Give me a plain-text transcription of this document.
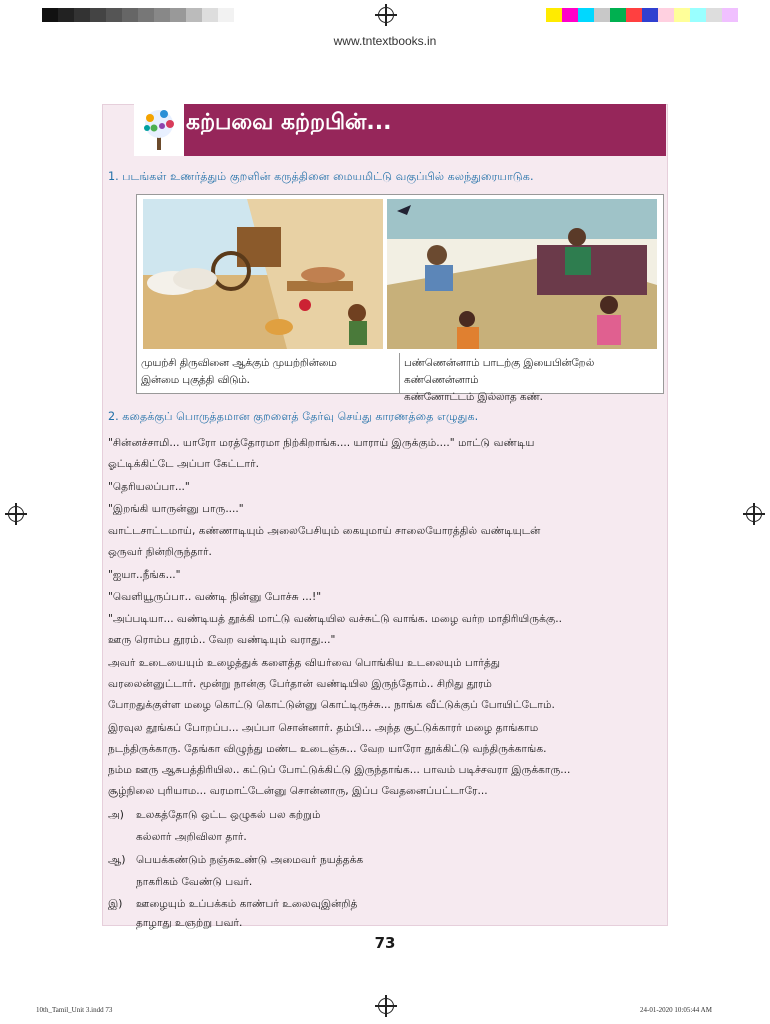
www.tntextbooks.in
கற்பவை கற்றபின்...
1. படங்கள் உணர்த்தும் குறளின் கருத்தினை மையமிட்டு வகுப்பில் கலந்துரையாடுக.
முயற்சி திருவினை ஆக்கும் முயற்றின்மை
இன்மை புகுத்தி விடும்.
பண்ணென்னாம் பாடற்கு இயைபின்றேல் கண்ணென்னாம்
கண்ணோட்டம் இல்லாத கண்.
2. கதைக்குப் பொருத்தமான குறளைத் தேர்வு செய்து காரணத்தை எழுதுக.
"சின்னச்சாமி... யாரோ மரத்தோரமா நிற்கிறாங்க.... யாராய் இருக்கும்...." மாட்டு வண்டிய
ஓட்டிக்கிட்டே அப்பா கேட்டார்.
"தெரியலப்பா..."
"இறங்கி யாருன்னு பாரு...."
வாட்டசாட்டமாய், கண்ணாடியும் அலைபேசியும் கையுமாய் சாலையோரத்தில் வண்டியுடன்
ஒருவர் நின்றிருந்தார்.
"ஐயா..நீங்க..."
"வெளியூருப்பா.. வண்டி நின்னு போச்சு ...!"
"அப்படியா... வண்டியத் தூக்கி மாட்டு வண்டியில வச்சுட்டு வாங்க. மழை வர்ற மாதிரியிருக்கு..
ஊரு ரொம்ப தூரம்.. வேற வண்டியும் வராது..."
அவர் உடையையும் உழைத்துக் களைத்த வியர்வை பொங்கிய உடலையும் பார்த்து
வரலைன்னுட்டார். மூன்று நான்கு பேர்தான் வண்டியில இருந்தோம்.. சிறிது தூரம்
போறதுக்குள்ள மழை கொட்டு கொட்டுன்னு கொட்டிருச்சு... நாங்க வீட்டுக்குப் போயிட்டோம்.
இரவுல தூங்கப் போறப்ப... அப்பா சொன்னார். தம்பி... அந்த சூட்டுக்காரர் மழை தாங்காம
நடந்திருக்காரு. தேங்கா விழுந்து மண்ட உடைஞ்சு... வேற யாரோ தூக்கிட்டு வந்திருக்காங்க.
நம்ம ஊரு ஆசுபத்திரியில.. கட்டுப் போட்டுக்கிட்டு இருந்தாங்க... பாவம் படிச்சவரா இருக்காரு...
சூழ்நிலை புரியாம... வரமாட்டேன்னு சொன்னாரு, இப்ப வேதனைப்பட்டாரே...
அ) உலகத்தோடு ஒட்ட ஒழுகல் பல கற்றும்
கல்லார் அறிவிலா தார்.
ஆ) பெயக்கண்டும் நஞ்சுஉண்டு அமைவர் நயத்தக்க
நாகரிகம் வேண்டு பவர்.
இ) ஊழையும் உப்பக்கம் காண்பர் உலைவுஇன்றித்
தாழாது உஞற்று பவர்.
73
10th_Tamil_Unit 3.indd 73	24-01-2020 10:05:44 AM
